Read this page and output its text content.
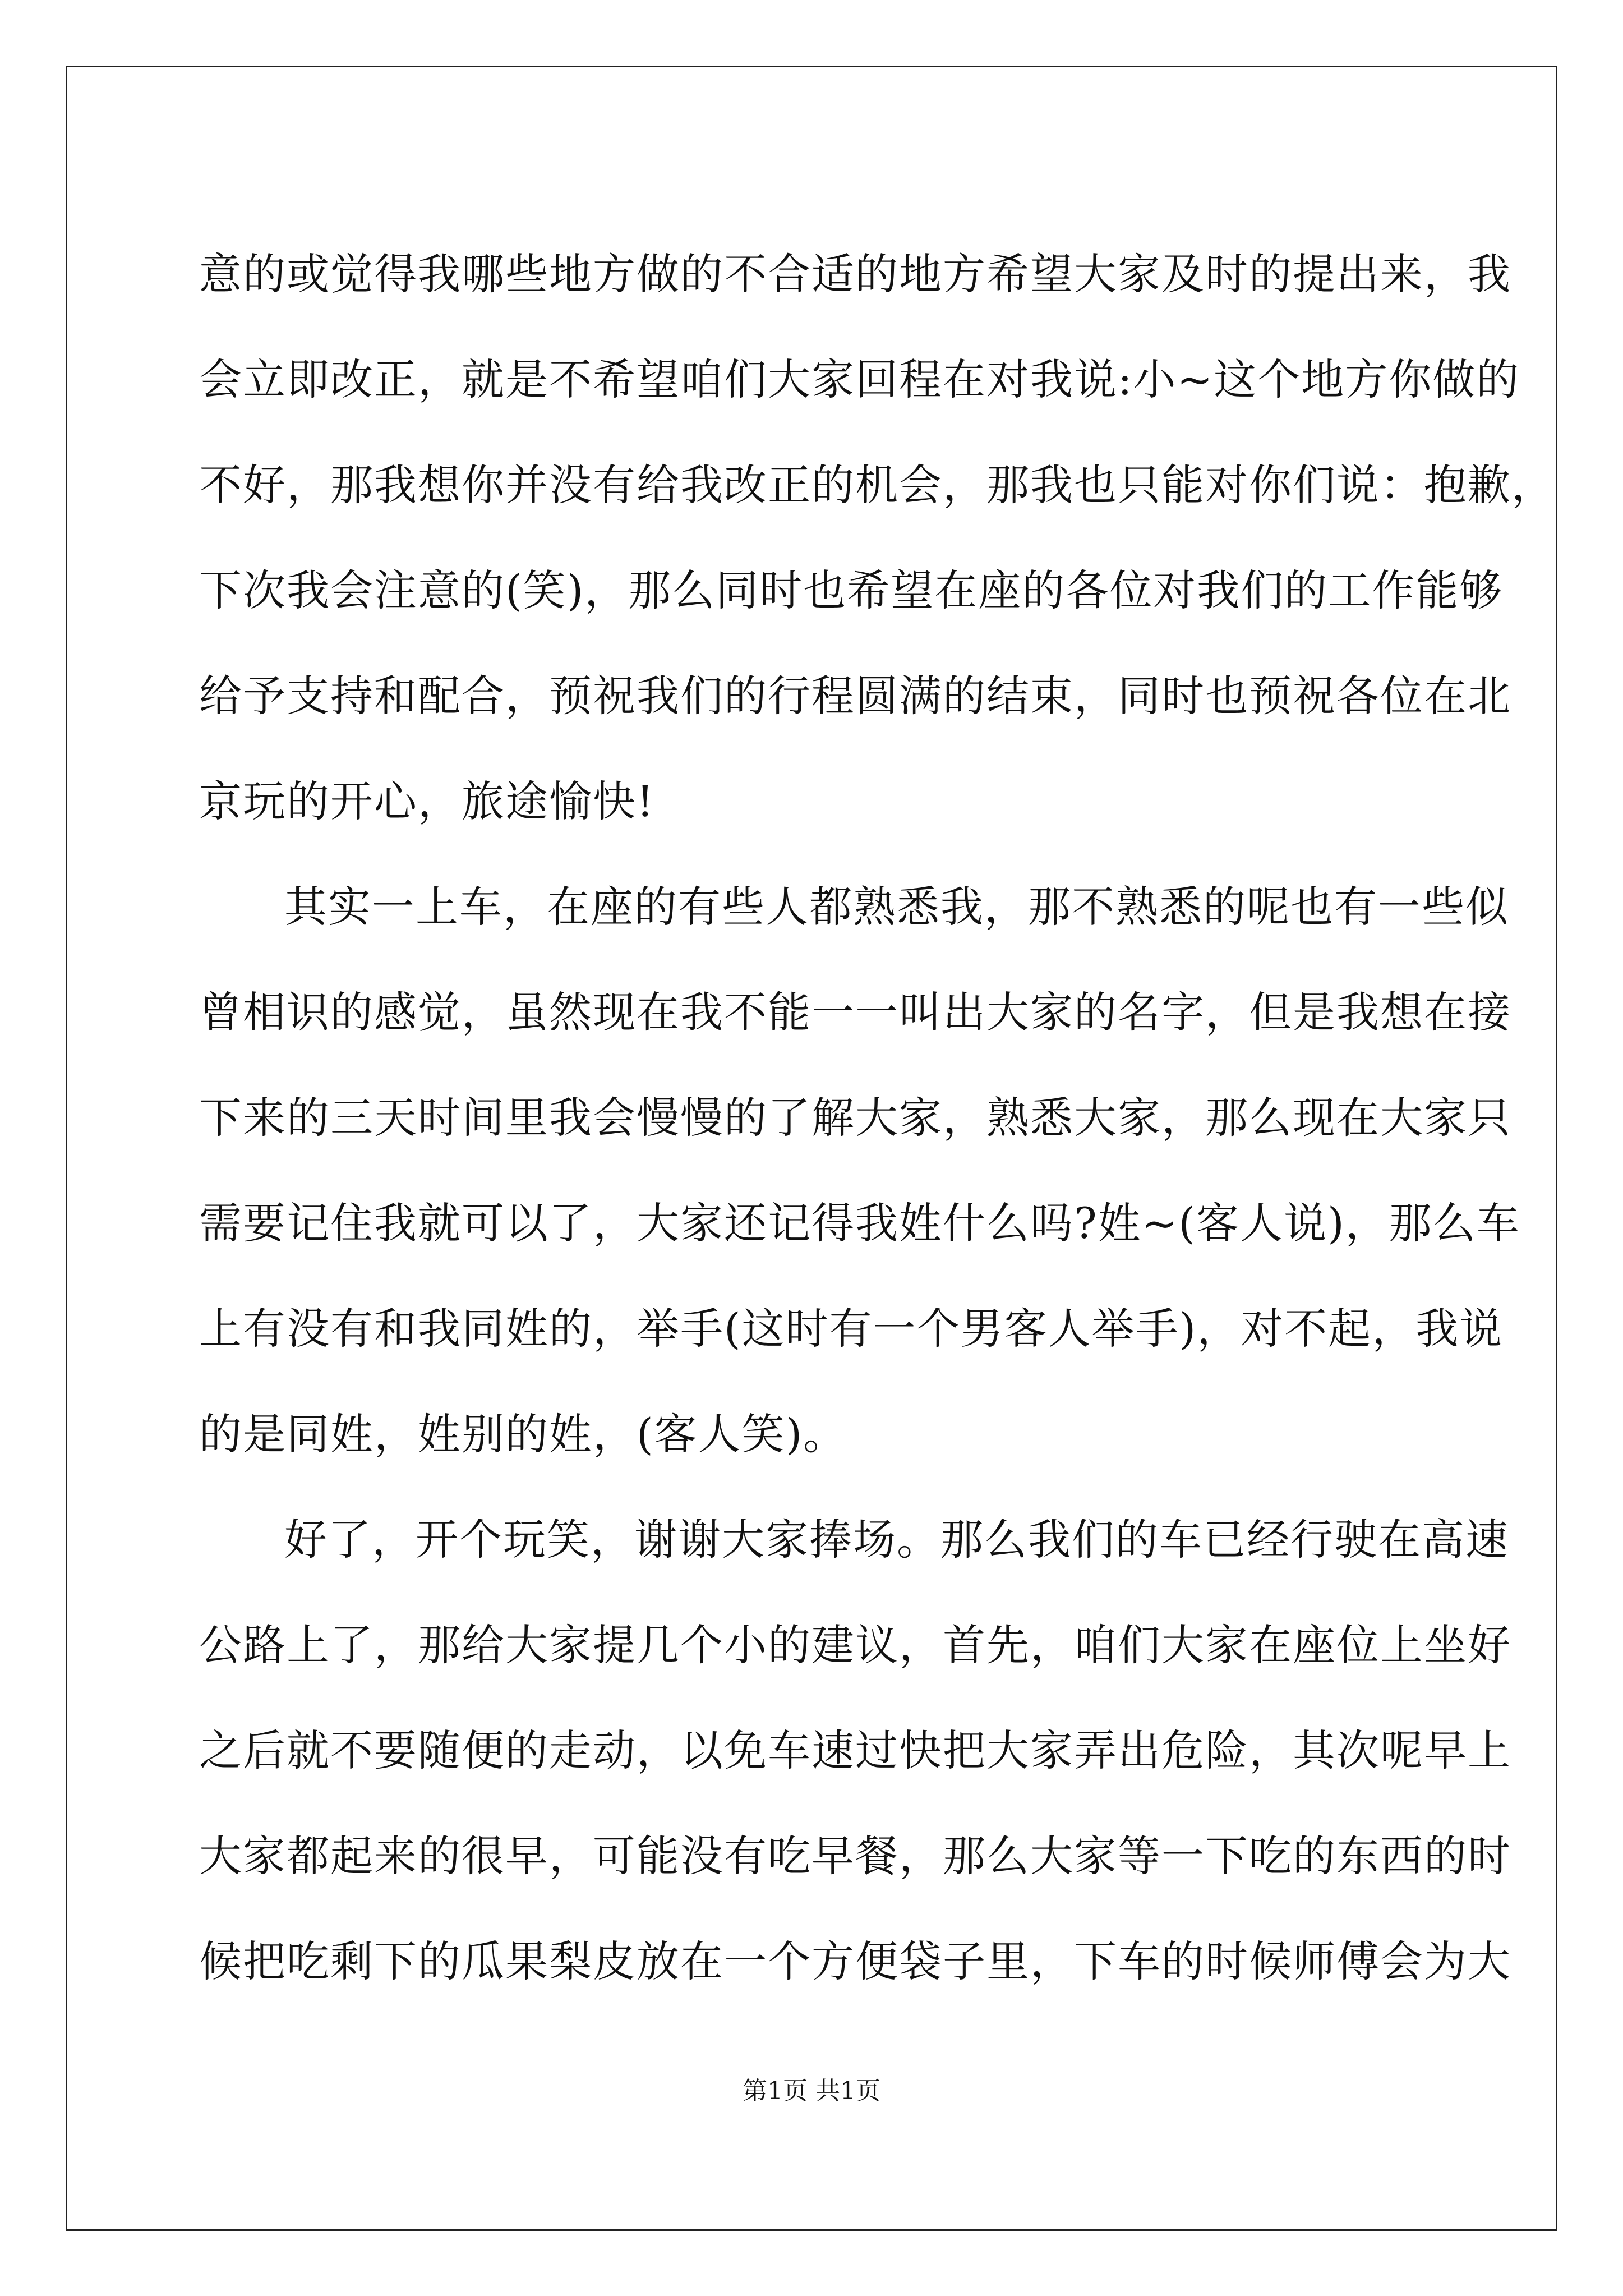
意的或觉得我哪些地方做的不合适的地方希望大家及时的提出来，我
会立即改正，就是不希望咱们大家回程在对我说:小~这个地方你做的
不好，那我想你并没有给我改正的机会，那我也只能对你们说：抱歉，
下次我会注意的(笑)，那么同时也希望在座的各位对我们的工作能够
给予支持和配合，预祝我们的行程圆满的结束，同时也预祝各位在北
京玩的开心，旅途愉快!
其实一上车，在座的有些人都熟悉我，那不熟悉的呢也有一些似
曾相识的感觉，虽然现在我不能一一叫出大家的名字，但是我想在接
下来的三天时间里我会慢慢的了解大家，熟悉大家，那么现在大家只
需要记住我就可以了，大家还记得我姓什么吗?姓~(客人说)，那么车
上有没有和我同姓的，举手(这时有一个男客人举手)，对不起，我说
的是同姓，姓别的姓，(客人笑)。
好了，开个玩笑，谢谢大家捧场。那么我们的车已经行驶在高速
公路上了，那给大家提几个小的建议，首先，咱们大家在座位上坐好
之后就不要随便的走动，以免车速过快把大家弄出危险，其次呢早上
大家都起来的很早，可能没有吃早餐，那么大家等一下吃的东西的时
候把吃剩下的瓜果梨皮放在一个方便袋子里，下车的时候师傅会为大
第1页 共1页
